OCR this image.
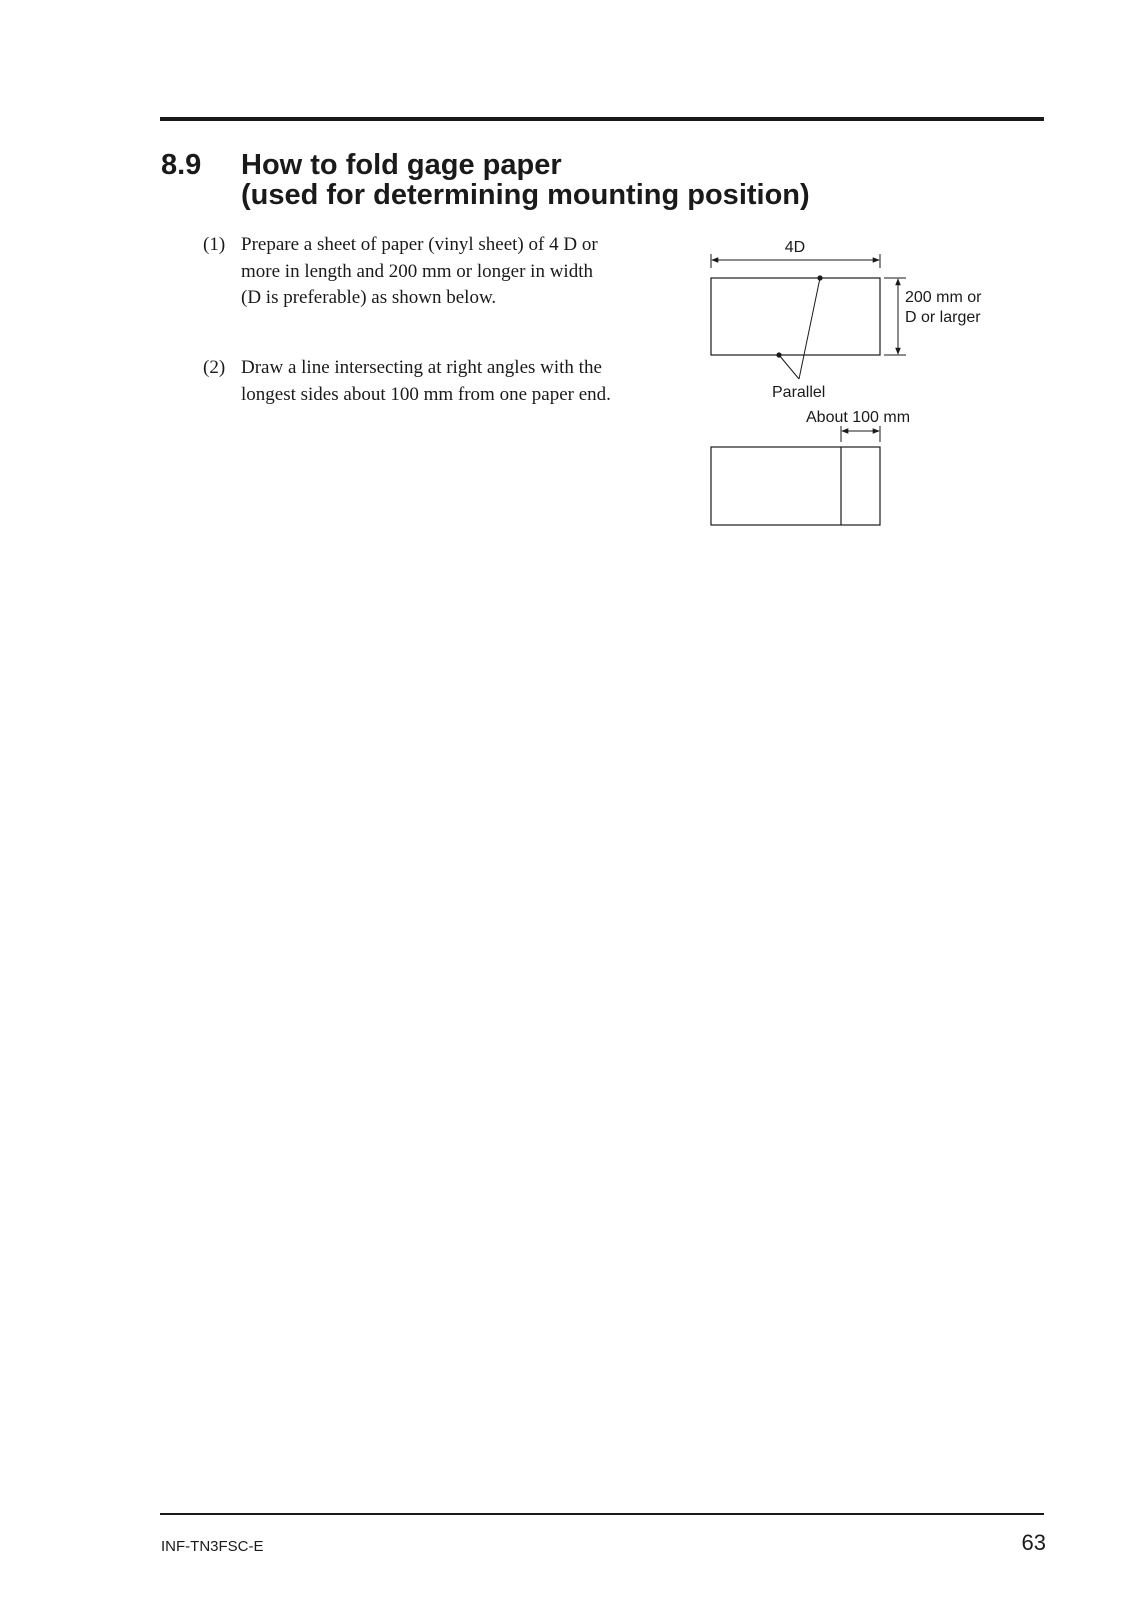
8.9 How to fold gage paper
(used for determining mounting position)
(1) Prepare a sheet of paper (vinyl sheet) of 4 D or
more in length and 200 mm or longer in width
(D is preferable) as shown below.
(2) Draw a line intersecting at right angles with the
longest sides about 100 mm from one paper end.
4D
200 mm or
D or larger
Parallel
About 100 mm
INF-TN3FSC-E	63
